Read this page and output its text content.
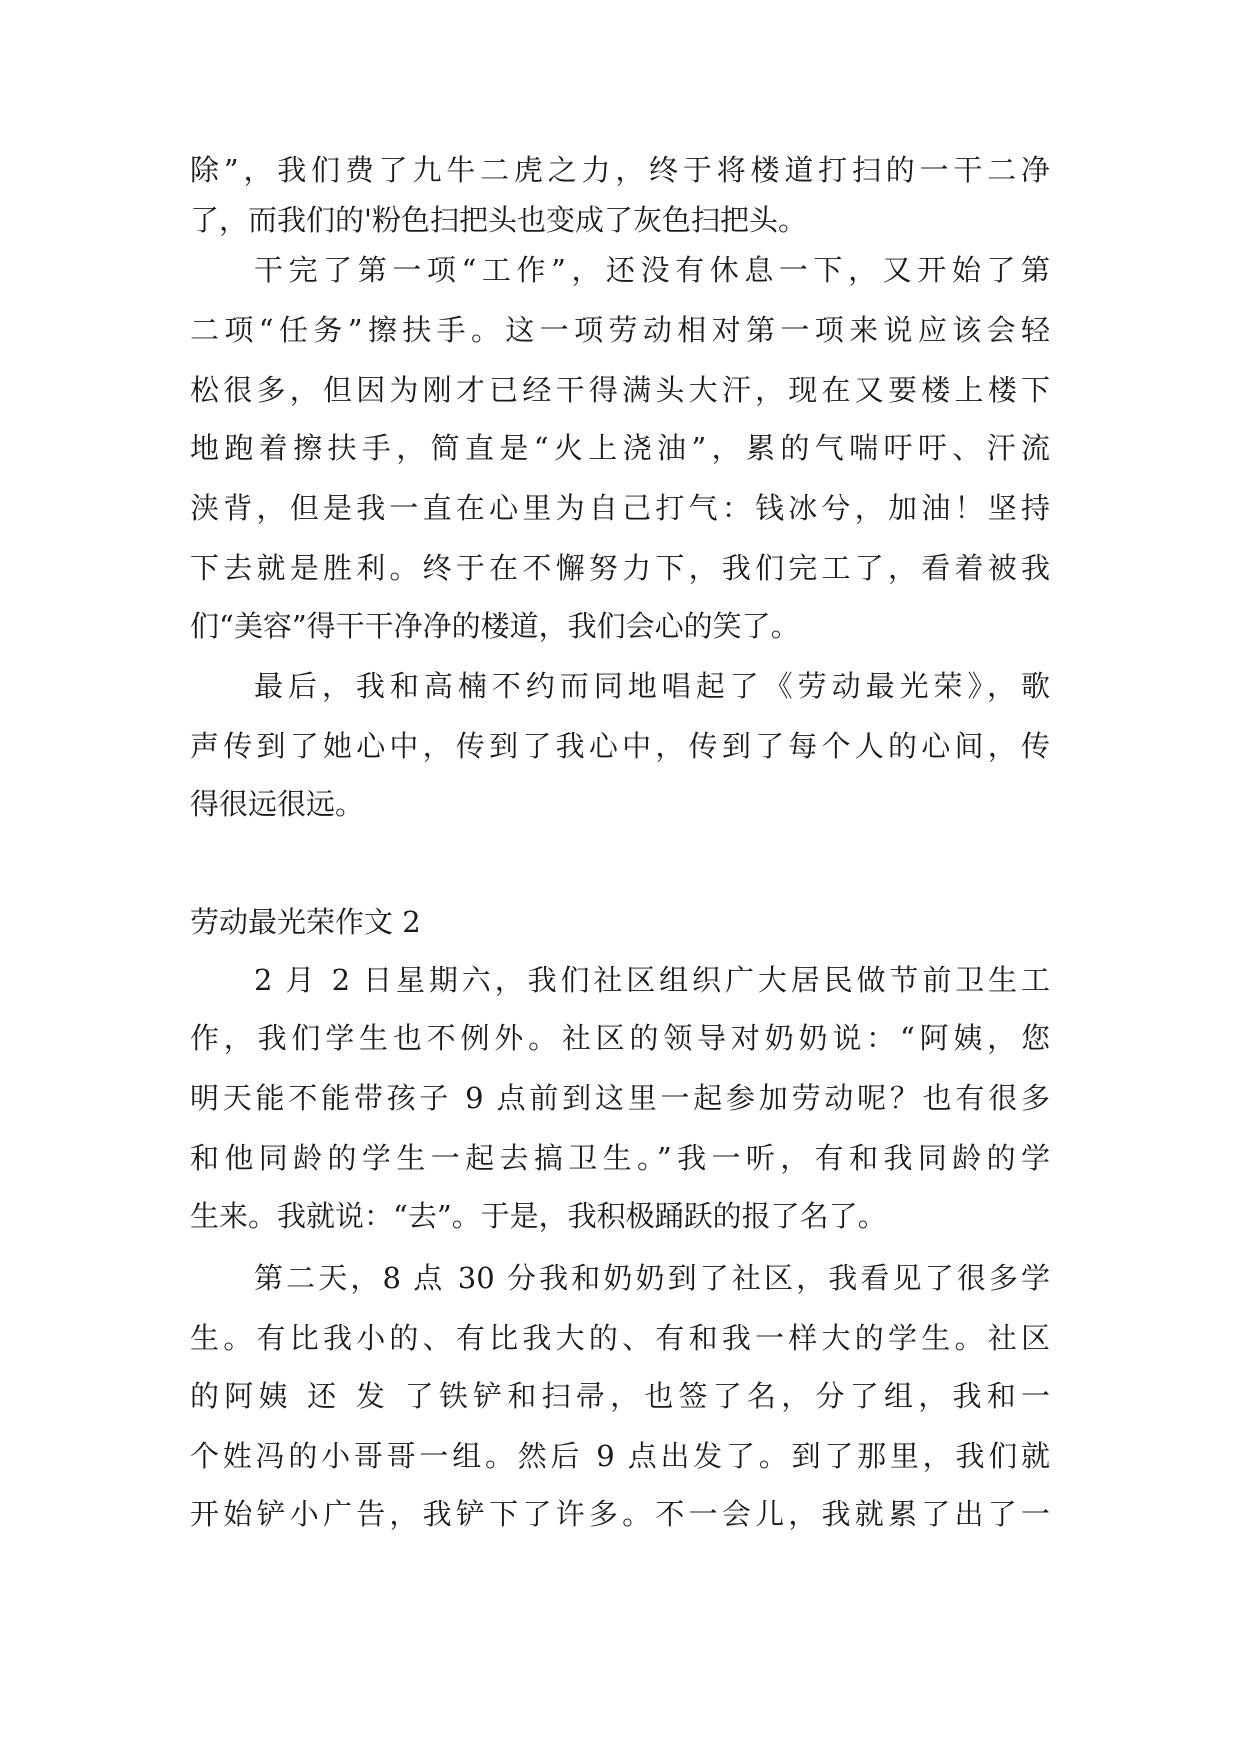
除”，我们费了九牛二虎之力，终于将楼道打扫的一干二净
了，而我们的'粉色扫把头也变成了灰色扫把头。
干完了第一项“工作”，还没有休息一下，又开始了第
二项“任务”擦扶手。这一项劳动相对第一项来说应该会轻
松很多，但因为刚才已经干得满头大汗，现在又要楼上楼下
地跑着擦扶手，简直是“火上浇油”，累的气喘吁吁、汗流
浃背，但是我一直在心里为自己打气：钱冰兮，加油！坚持
下去就是胜利。终于在不懈努力下，我们完工了，看着被我
们“美容”得干干净净的楼道，我们会心的笑了。
最后，我和高楠不约而同地唱起了《劳动最光荣》，歌
声传到了她心中，传到了我心中，传到了每个人的心间，传
得很远很远。
劳动最光荣作文 2
2 月 2 日星期六，我们社区组织广大居民做节前卫生工
作，我们学生也不例外。社区的领导对奶奶说：“阿姨，您
明天能不能带孩子 9 点前到这里一起参加劳动呢？也有很多
和他同龄的学生一起去搞卫生。”我一听，有和我同龄的学
生来。我就说：“去”。于是，我积极踊跃的报了名了。
第二天，8 点 30 分我和奶奶到了社区，我看见了很多学
生。有比我小的、有比我大的、有和我一样大的学生。社区
的阿姨 还 发 了铁铲和扫帚，也签了名，分了组，我和一
个姓冯的小哥哥一组。然后 9 点出发了。到了那里，我们就
开始铲小广告，我铲下了许多。不一会儿，我就累了出了一
